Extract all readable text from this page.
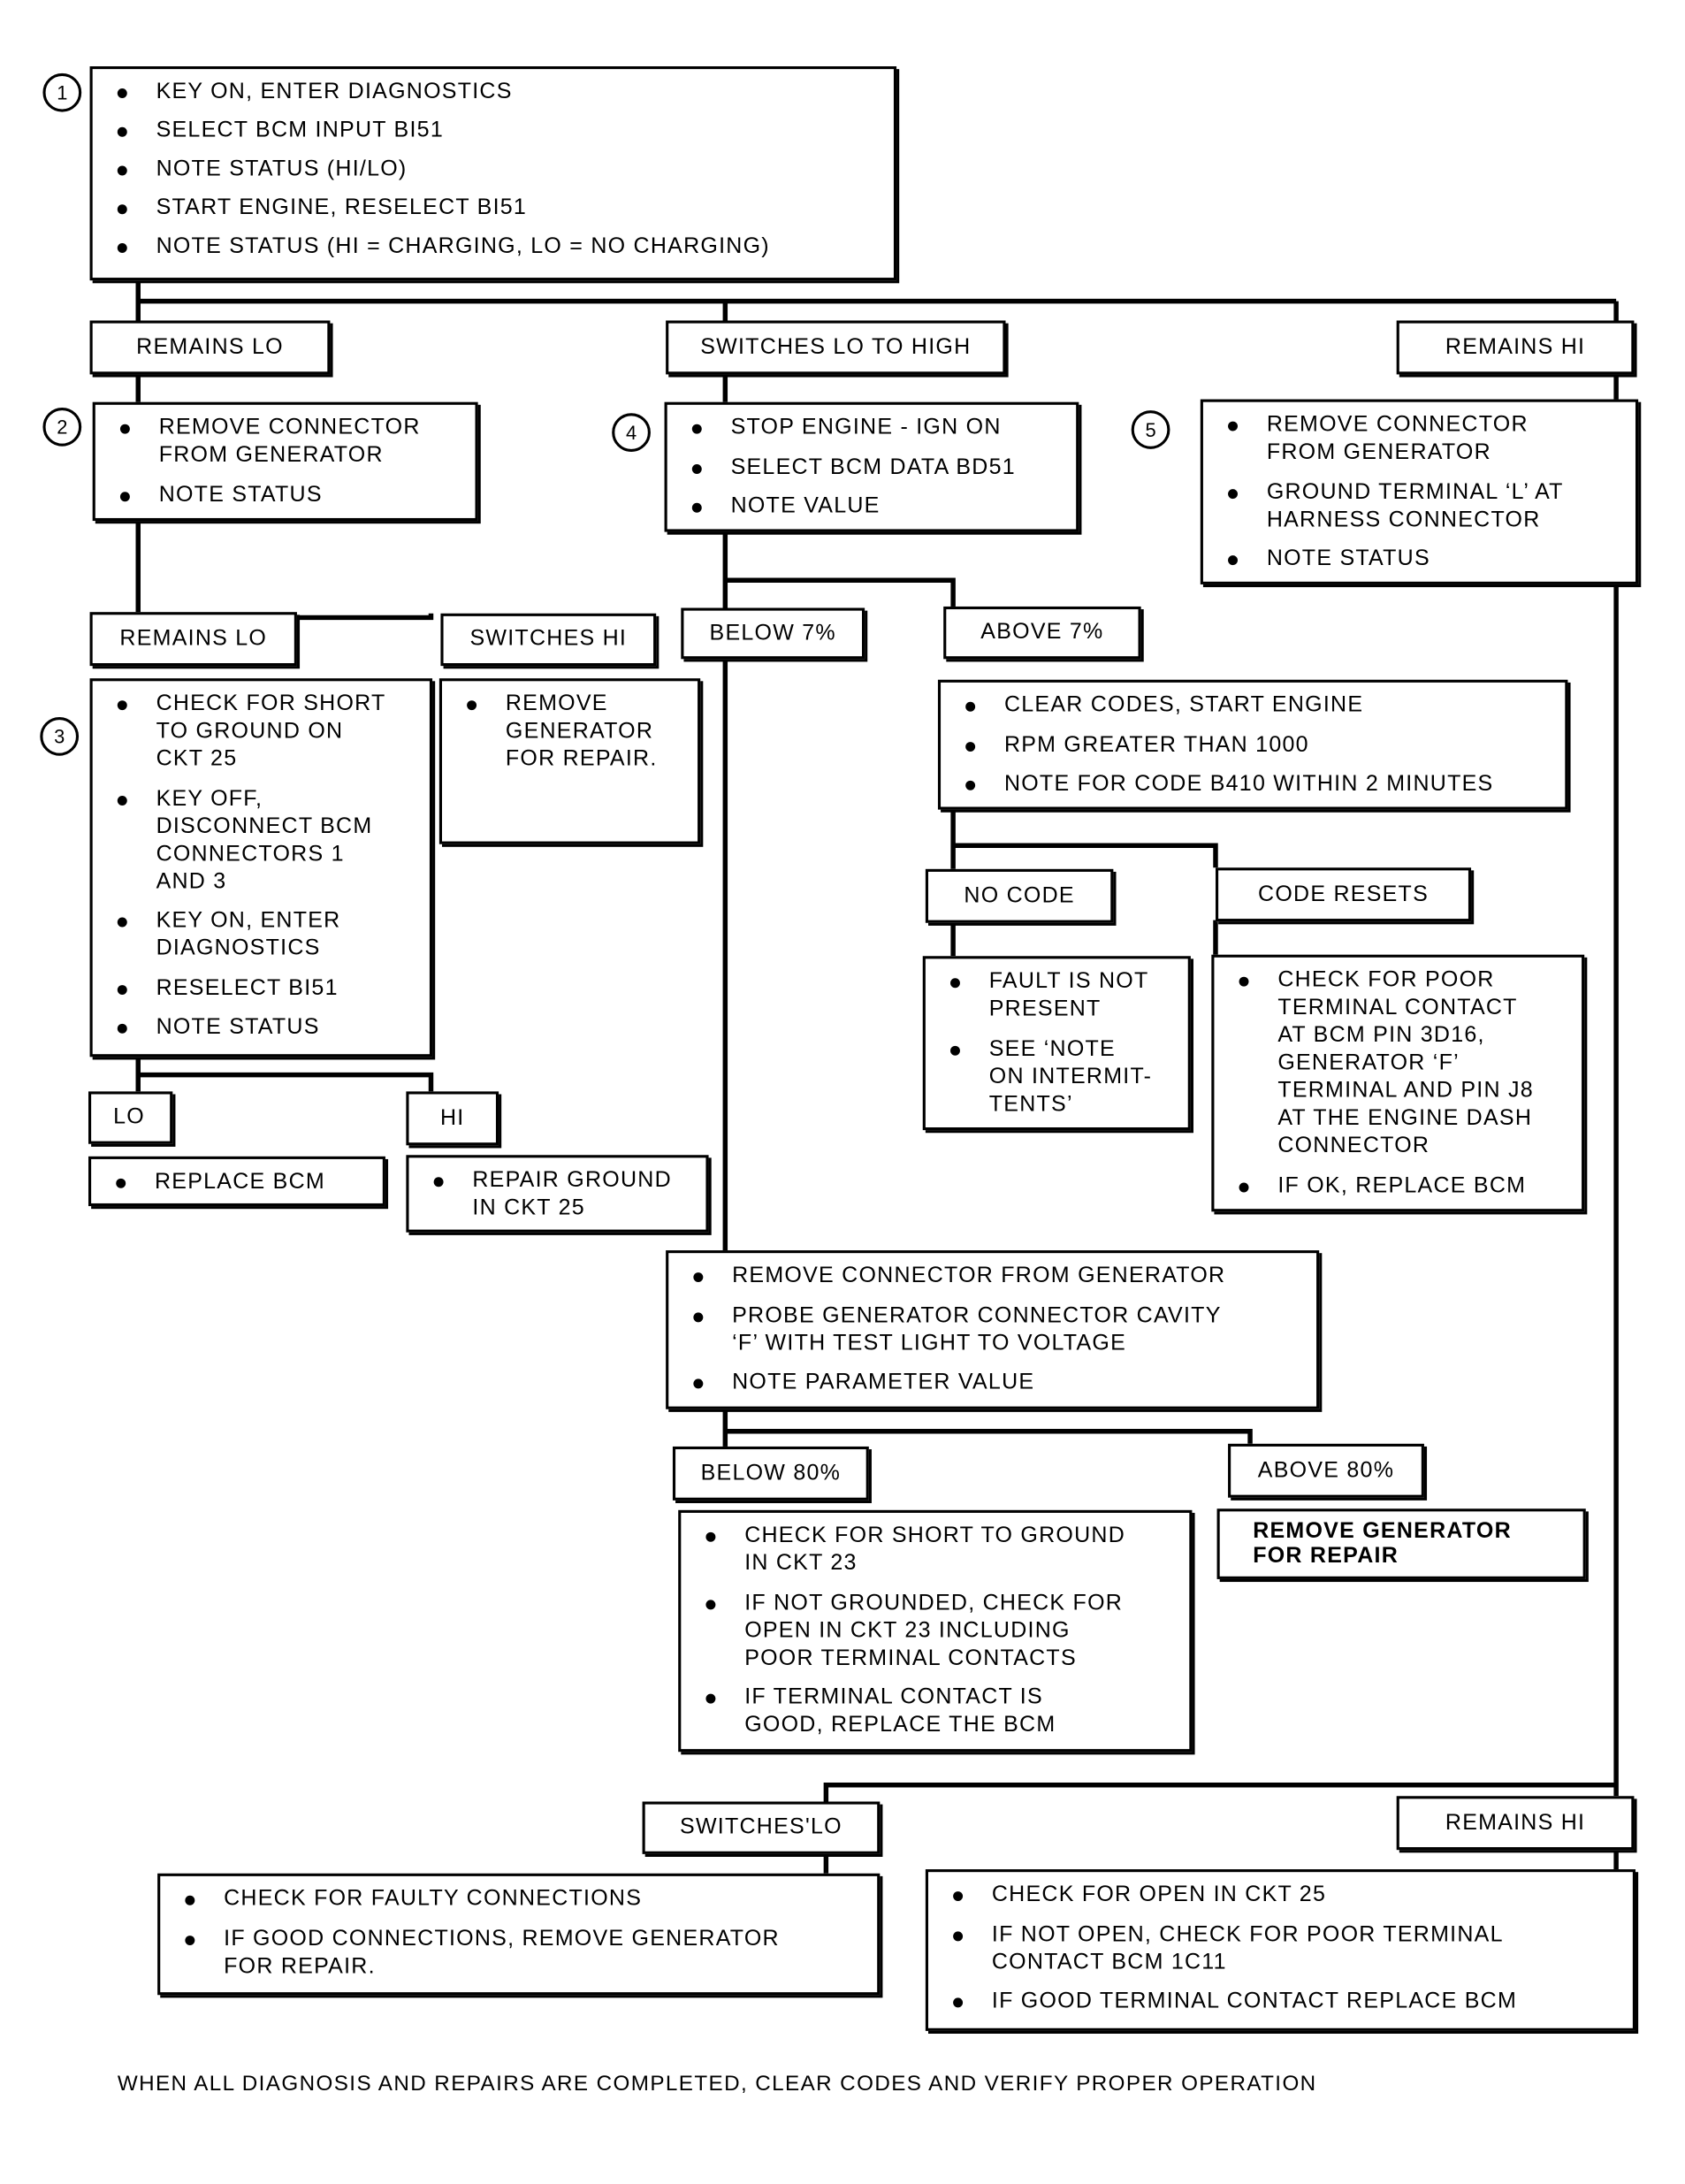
1	KEY ON, ENTER DIAGNOSTICS
SELECT BCM INPUT BI51
NOTE STATUS (HI/LO)
START ENGINE, RESELECT BI51
NOTE STATUS (HI = CHARGING, LO = NO CHARGING)
REMAINS LO	SWITCHES LO TO HIGH	REMAINS HI
2	REMOVE CONNECTOR
FROM GENERATOR
NOTE STATUS
4	STOP ENGINE - IGN ON
SELECT BCM DATA BD51
NOTE VALUE
5	REMOVE CONNECTOR
FROM GENERATOR
GROUND TERMINAL ‘L’ AT
HARNESS CONNECTOR
NOTE STATUS
REMAINS LO	SWITCHES HI	BELOW 7%	ABOVE 7%
3
CHECK FOR SHORT
TO GROUND ON
CKT 25
KEY OFF,
DISCONNECT BCM
CONNECTORS 1
AND 3
KEY ON, ENTER
DIAGNOSTICS
RESELECT BI51
NOTE STATUS
REMOVE
GENERATOR
FOR REPAIR.
CLEAR CODES, START ENGINE
RPM GREATER THAN 1000
NOTE FOR CODE B410 WITHIN 2 MINUTES
NO CODE	CODE RESETS
FAULT IS NOT
PRESENT
SEE ‘NOTE
ON INTERMIT-
TENTS’
CHECK FOR POOR
TERMINAL CONTACT
AT BCM PIN 3D16,
GENERATOR ‘F’
TERMINAL AND PIN J8
AT THE ENGINE DASH
CONNECTOR
IF OK, REPLACE BCM
LO	HI
REPLACE BCM	REPAIR GROUND
IN CKT 25
REMOVE CONNECTOR FROM GENERATOR
PROBE GENERATOR CONNECTOR CAVITY
‘F’ WITH TEST LIGHT TO VOLTAGE
NOTE PARAMETER VALUE
BELOW 80%	ABOVE 80%
CHECK FOR SHORT TO GROUND
IN CKT 23
IF NOT GROUNDED, CHECK FOR
OPEN IN CKT 23 INCLUDING
POOR TERMINAL CONTACTS
IF TERMINAL CONTACT IS
GOOD, REPLACE THE BCM
REMOVE GENERATOR
FOR REPAIR
SWITCHES'LO	REMAINS HI
CHECK FOR FAULTY CONNECTIONS
IF GOOD CONNECTIONS, REMOVE GENERATOR
FOR REPAIR.
CHECK FOR OPEN IN CKT 25
IF NOT OPEN, CHECK FOR POOR TERMINAL
CONTACT BCM 1C11
IF GOOD TERMINAL CONTACT REPLACE BCM
WHEN ALL DIAGNOSIS AND REPAIRS ARE COMPLETED, CLEAR CODES AND VERIFY PROPER OPERATION
